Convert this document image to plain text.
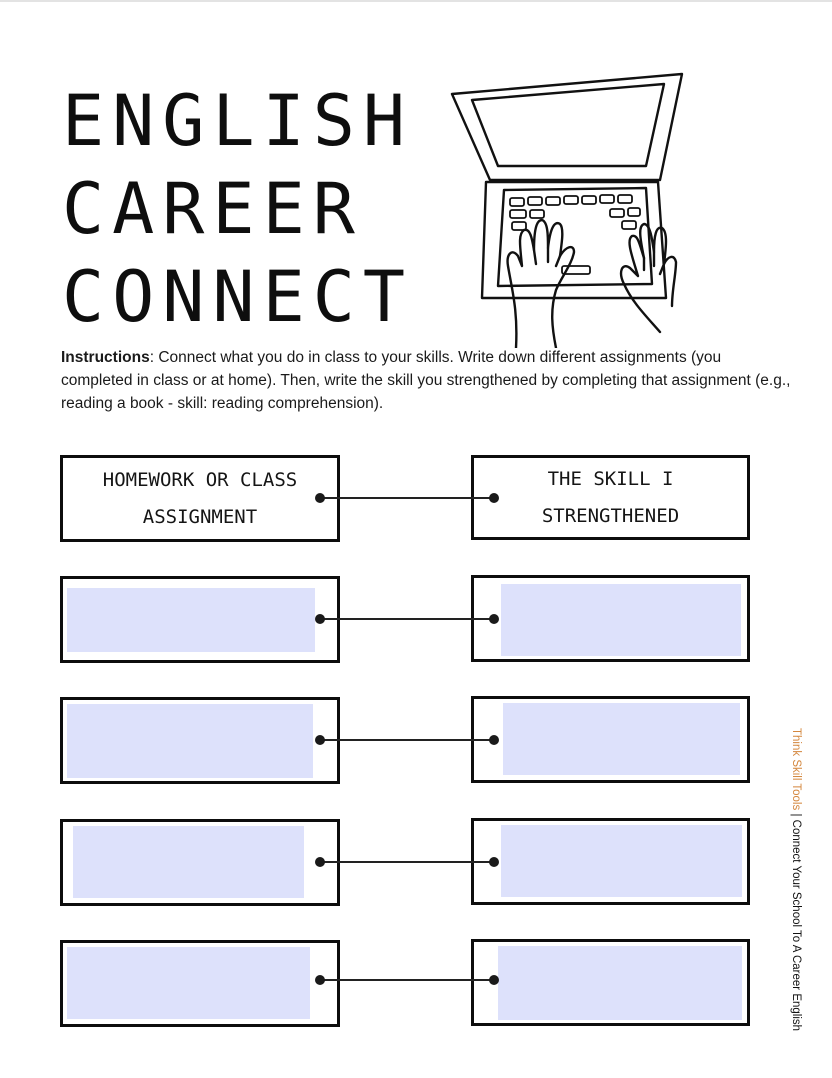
ENGLISH
CAREER
CONNECT

Instructions: Connect what you do in class to your skills. Write down different assignments (you completed in class or at home). Then, write the skill you strengthened by completing that assignment (e.g., reading a book - skill: reading comprehension).

HOMEWORK OR CLASS
ASSIGNMENT
THE SKILL I
STRENGTHENED
Think Skill Tools | Connect Your School To A Career English
